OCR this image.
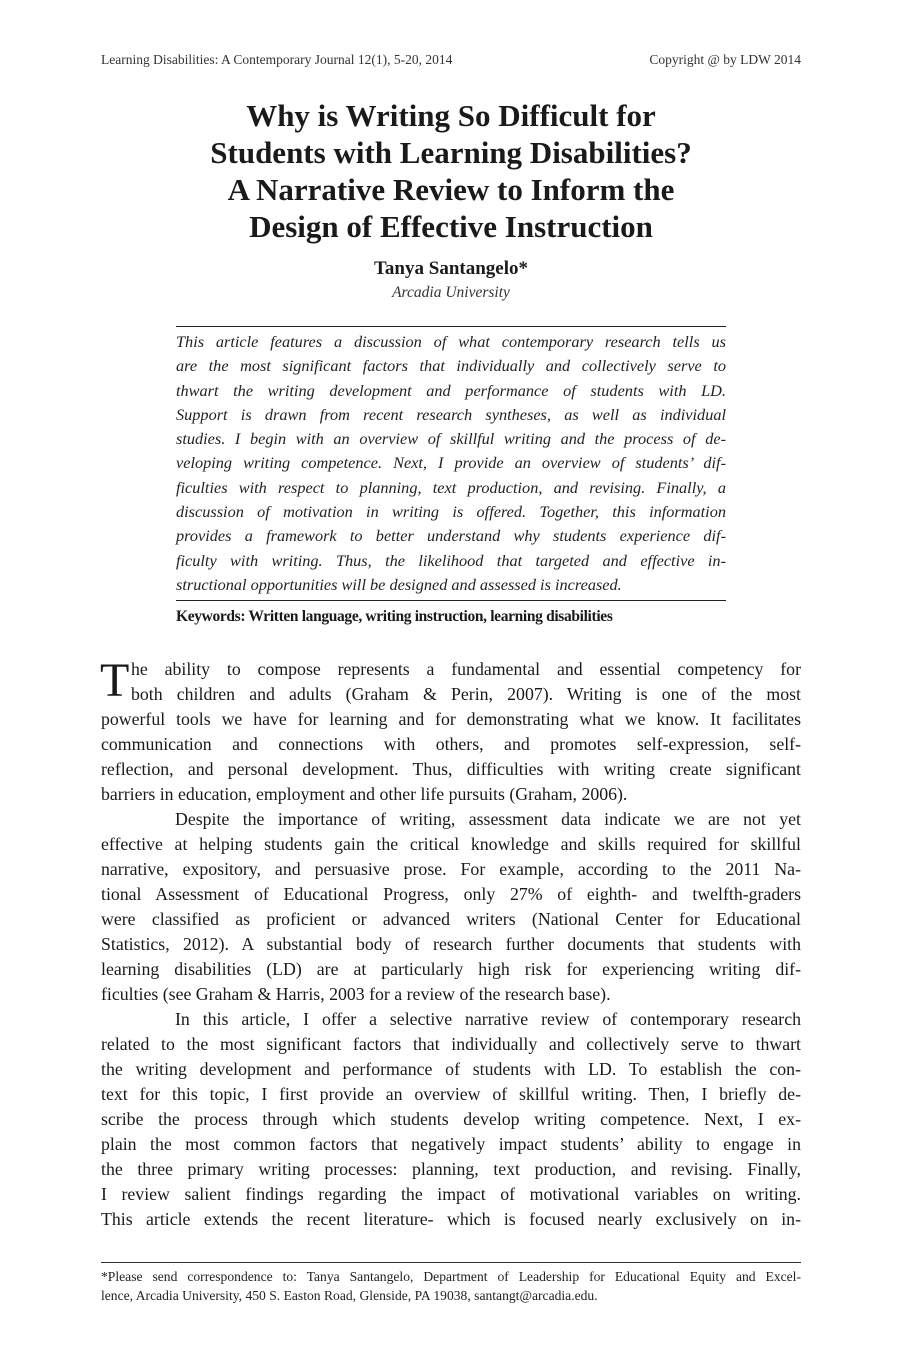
Learning Disabilities: A Contemporary Journal 12(1), 5-20, 2014	Copyright @ by LDW 2014
Why is Writing So Difficult for
Students with Learning Disabilities?
A Narrative Review to Inform the
Design of Effective Instruction
Tanya Santangelo*
Arcadia University
This article features a discussion of what contemporary research tells us
are the most significant factors that individually and collectively serve to
thwart the writing development and performance of students with LD.
Support is drawn from recent research syntheses, as well as individual
studies. I begin with an overview of skillful writing and the process of de-
veloping writing competence. Next, I provide an overview of students’ dif-
ficulties with respect to planning, text production, and revising. Finally, a
discussion of motivation in writing is offered. Together, this information
provides a framework to better understand why students experience dif-
ficulty with writing. Thus, the likelihood that targeted and effective in-
structional opportunities will be designed and assessed is increased.
Keywords: Written language, writing instruction, learning disabilities
T he ability to compose represents a fundamental and essential competency for
both children and adults (Graham & Perin, 2007). Writing is one of the most
powerful tools we have for learning and for demonstrating what we know. It facilitates
communication and connections with others, and promotes self-expression, self-
reflection, and personal development. Thus, difficulties with writing create significant
barriers in education, employment and other life pursuits (Graham, 2006).
Despite the importance of writing, assessment data indicate we are not yet
effective at helping students gain the critical knowledge and skills required for skillful
narrative, expository, and persuasive prose. For example, according to the 2011 Na-
tional Assessment of Educational Progress, only 27% of eighth- and twelfth-graders
were classified as proficient or advanced writers (National Center for Educational
Statistics, 2012). A substantial body of research further documents that students with
learning disabilities (LD) are at particularly high risk for experiencing writing dif-
ficulties (see Graham & Harris, 2003 for a review of the research base).
In this article, I offer a selective narrative review of contemporary research
related to the most significant factors that individually and collectively serve to thwart
the writing development and performance of students with LD. To establish the con-
text for this topic, I first provide an overview of skillful writing. Then, I briefly de-
scribe the process through which students develop writing competence. Next, I ex-
plain the most common factors that negatively impact students’ ability to engage in
the three primary writing processes: planning, text production, and revising. Finally,
I review salient findings regarding the impact of motivational variables on writing.
This article extends the recent literature- which is focused nearly exclusively on in-
*Please send correspondence to: Tanya Santangelo, Department of Leadership for Educational Equity and Excel-
lence, Arcadia University, 450 S. Easton Road, Glenside, PA 19038, santangt@arcadia.edu.
